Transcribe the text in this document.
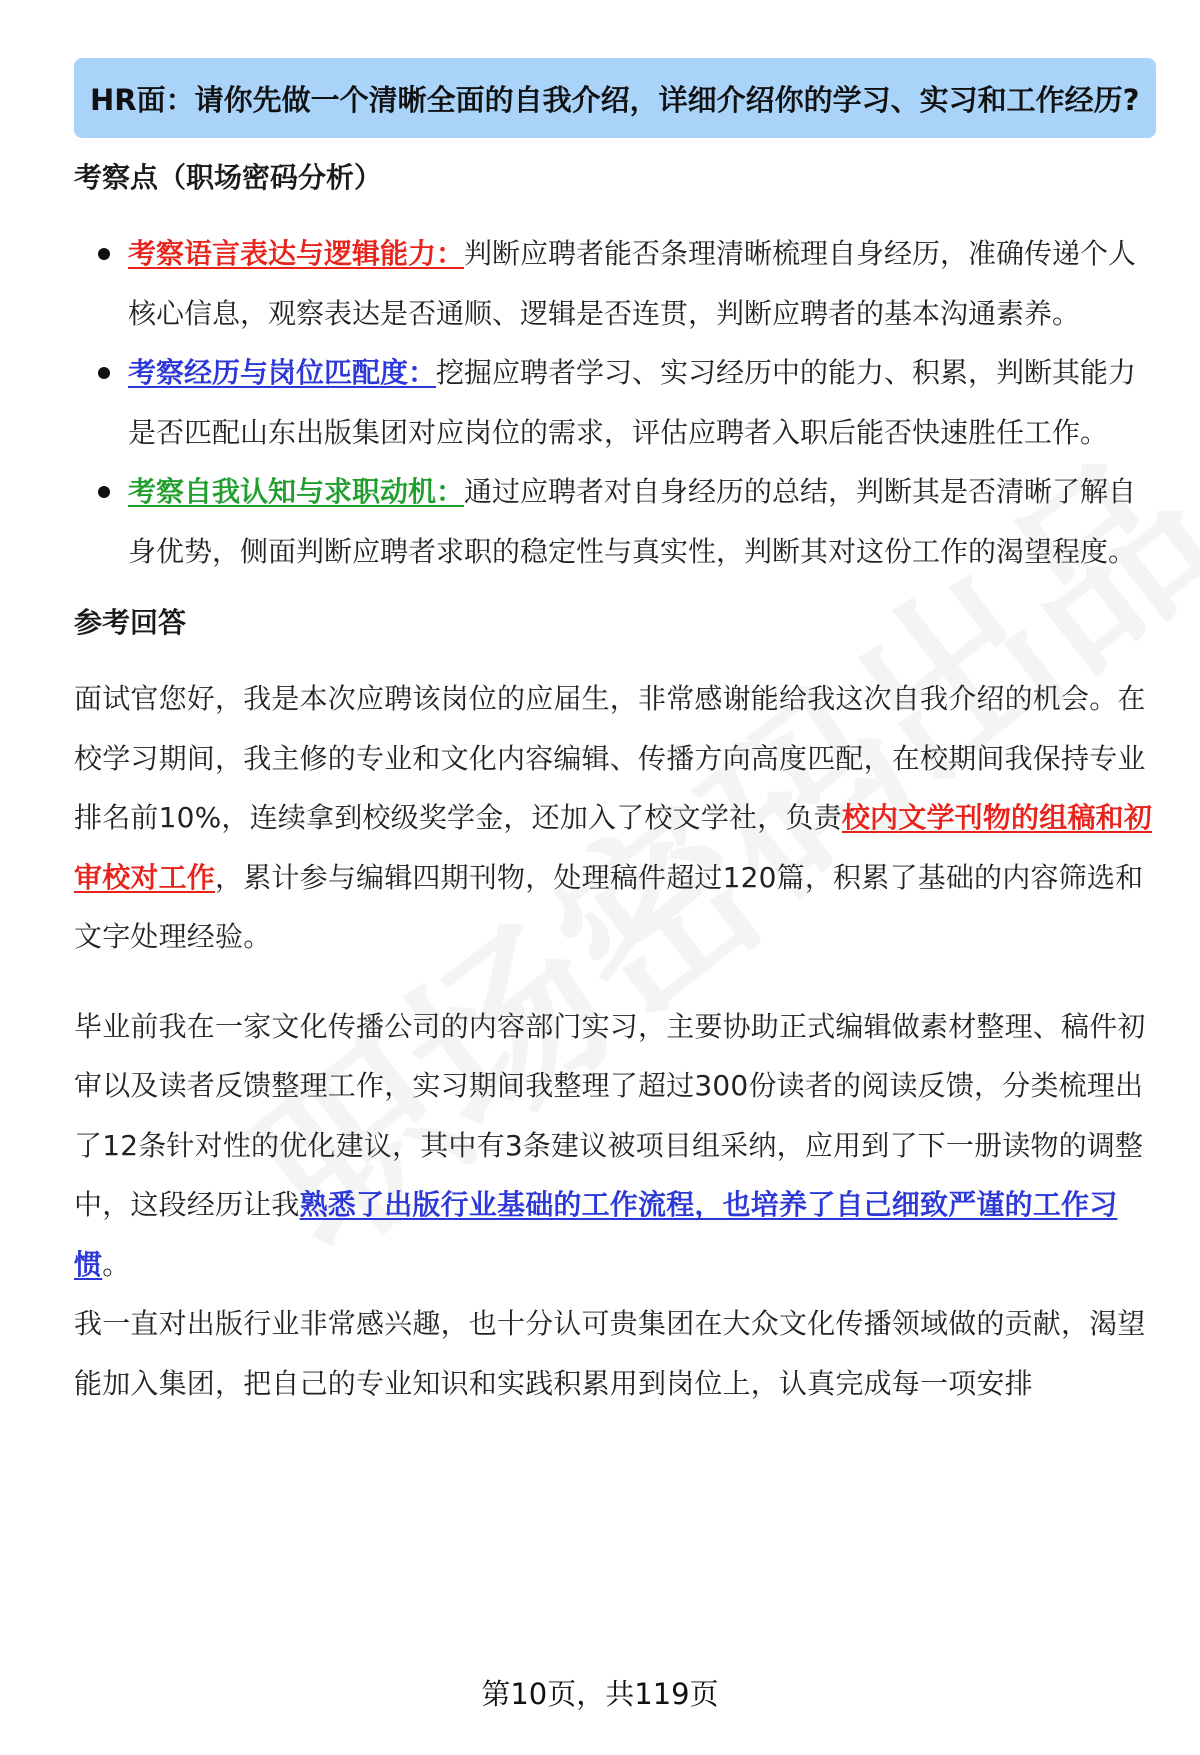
HR面：请你先做一个清晰全面的自我介绍，详细介绍你的学习、实习和工作经历?
考察点（职场密码分析）
考察语言表达与逻辑能力：判断应聘者能否条理清晰梳理自身经历，准确传递个人核心信息，观察表达是否通顺、逻辑是否连贯，判断应聘者的基本沟通素养。
考察经历与岗位匹配度：挖掘应聘者学习、实习经历中的能力、积累，判断其能力是否匹配山东出版集团对应岗位的需求，评估应聘者入职后能否快速胜任工作。
考察自我认知与求职动机：通过应聘者对自身经历的总结，判断其是否清晰了解自身优势，侧面判断应聘者求职的稳定性与真实性，判断其对这份工作的渴望程度。
参考回答

面试官您好，我是本次应聘该岗位的应届生，非常感谢能给我这次自我介绍的机会。在校学习期间，我主修的专业和文化内容编辑、传播方向高度匹配，在校期间我保持专业排名前10%，连续拿到校级奖学金，还加入了校文学社，负责校内文学刊物的组稿和初审校对工作，累计参与编辑四期刊物，处理稿件超过120篇，积累了基础的内容筛选和文字处理经验。

毕业前我在一家文化传播公司的内容部门实习，主要协助正式编辑做素材整理、稿件初审以及读者反馈整理工作，实习期间我整理了超过300份读者的阅读反馈，分类梳理出了12条针对性的优化建议，其中有3条建议被项目组采纳，应用到了下一册读物的调整中，这段经历让我熟悉了出版行业基础的工作流程，也培养了自己细致严谨的工作习惯。

我一直对出版行业非常感兴趣，也十分认可贵集团在大众文化传播领域做的贡献，渴望能加入集团，把自己的专业知识和实践积累用到岗位上，认真完成每一项安排

第10页，共119页
